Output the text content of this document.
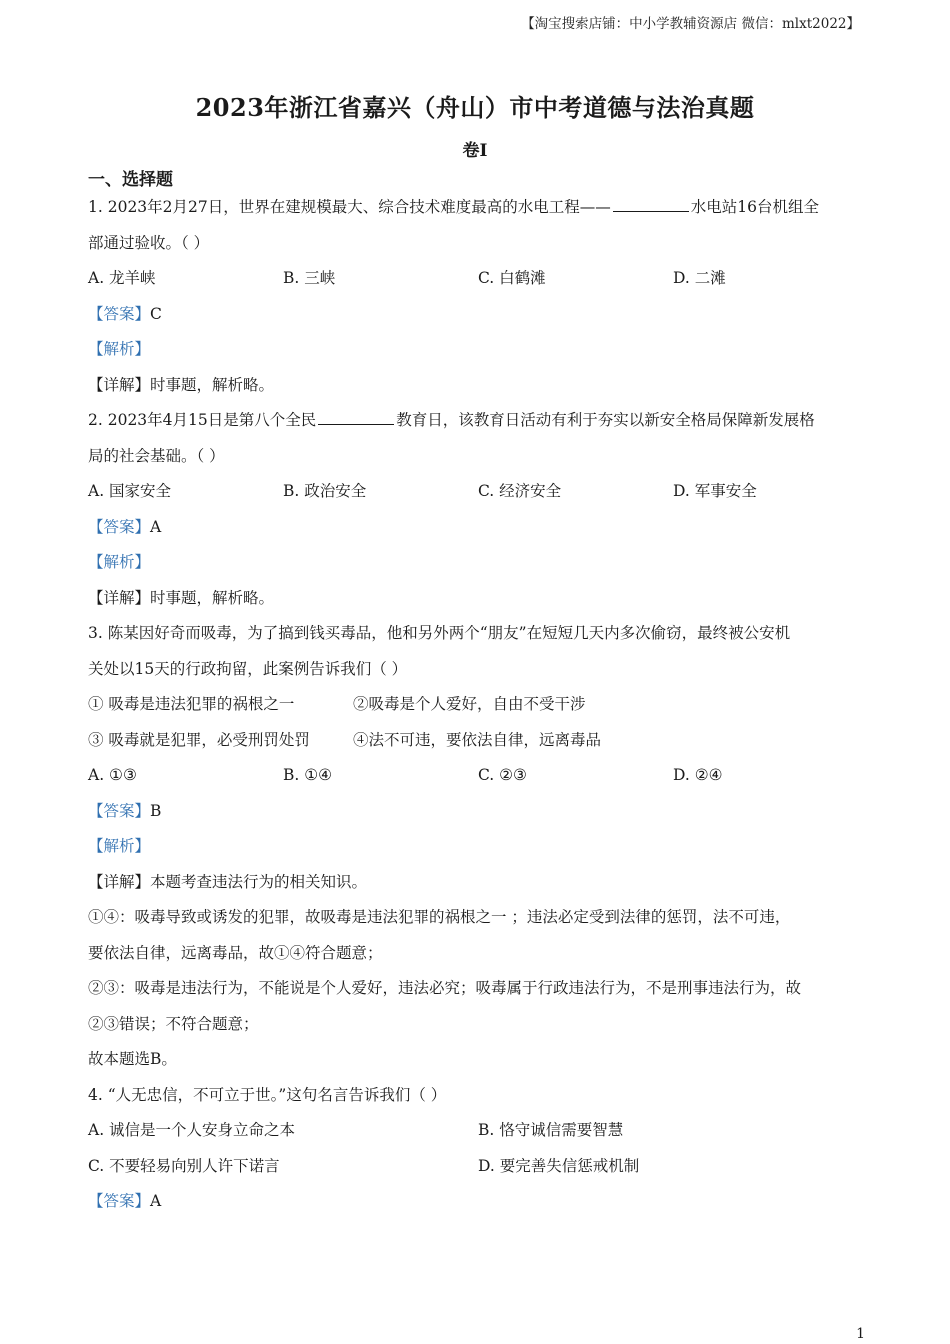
【淘宝搜索店铺：中小学教辅资源店 微信：mlxt2022】
2023年浙江省嘉兴（舟山）市中考道德与法治真题
卷I
一、选择题
1. 2023年2月27日，世界在建规模最大、综合技术难度最高的水电工程——	水电站16台机组全
部通过验收。（ ）
A. 龙羊峡	B. 三峡	C. 白鹤滩	D. 二滩
【答案】C
【解析】
【详解】时事题，解析略。
2. 2023年4月15日是第八个全民	教育日，该教育日活动有利于夯实以新安全格局保障新发展格
局的社会基础。（ ）
A. 国家安全	B. 政治安全	C. 经济安全	D. 军事安全
【答案】A
【解析】
【详解】时事题，解析略。
3. 陈某因好奇而吸毒，为了搞到钱买毒品，他和另外两个“朋友”在短短几天内多次偷窃，最终被公安机
关处以15天的行政拘留，此案例告诉我们（ ）
① 吸毒是违法犯罪的祸根之一	②吸毒是个人爱好，自由不受干涉
③ 吸毒就是犯罪，必受刑罚处罚	④法不可违，要依法自律，远离毒品
A. ①③	B. ①④	C. ②③	D. ②④
【答案】B
【解析】
【详解】本题考查违法行为的相关知识。
①④：吸毒导致或诱发的犯罪，故吸毒是违法犯罪的祸根之一 ；违法必定受到法律的惩罚，法不可违，
要依法自律，远离毒品，故①④符合题意；
②③：吸毒是违法行为，不能说是个人爱好，违法必究；吸毒属于行政违法行为，不是刑事违法行为，故
②③错误；不符合题意；
故本题选B。
4. “人无忠信，不可立于世。”这句名言告诉我们（ ）
A. 诚信是一个人安身立命之本	B. 恪守诚信需要智慧
C. 不要轻易向别人许下诺言	D. 要完善失信惩戒机制
【答案】A
1
